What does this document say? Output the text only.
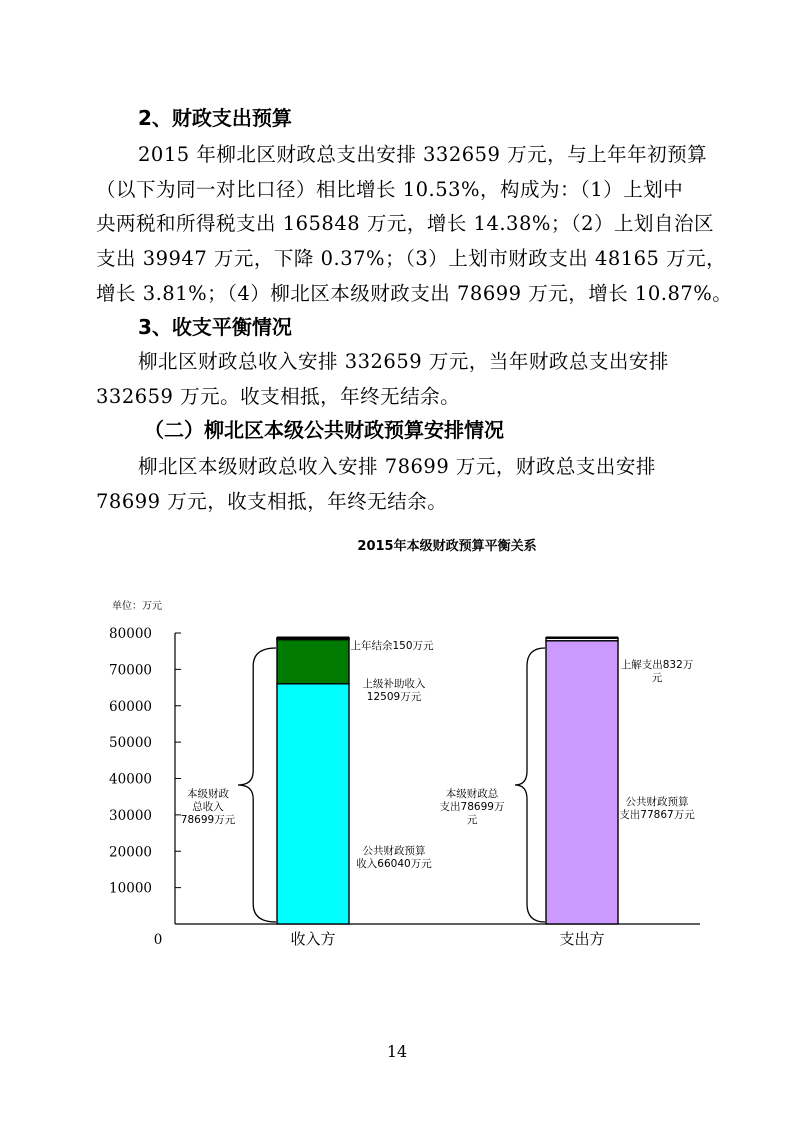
2、财政支出预算
2015 年柳北区财政总支出安排 332659 万元，与上年年初预算
（以下为同一对比口径）相比增长 10.53%，构成为：（1）上划中
央两税和所得税支出 165848 万元，增长 14.38%；（2）上划自治区
支出 39947 万元，下降 0.37%；（3）上划市财政支出 48165 万元，
增长 3.81%；（4）柳北区本级财政支出 78699 万元，增长 10.87%。
3、收支平衡情况
柳北区财政总收入安排 332659 万元，当年财政总支出安排
332659 万元。收支相抵，年终无结余。
（二）柳北区本级公共财政预算安排情况
柳北区本级财政总收入安排 78699 万元，财政总支出安排
78699 万元，收支相抵，年终无结余。
2015年本级财政预算平衡关系
单位：万元
0
10000
20000
30000
40000
50000
60000
70000
80000
收入方	支出方
公共财政预算
收入66040万元
上级补助收入
12509万元
上年结余150万元
公共财政预算
支出77867万元
上解支出832万
元
本级财政
总收入
78699万元
本级财政总
支出78699万
元
14
